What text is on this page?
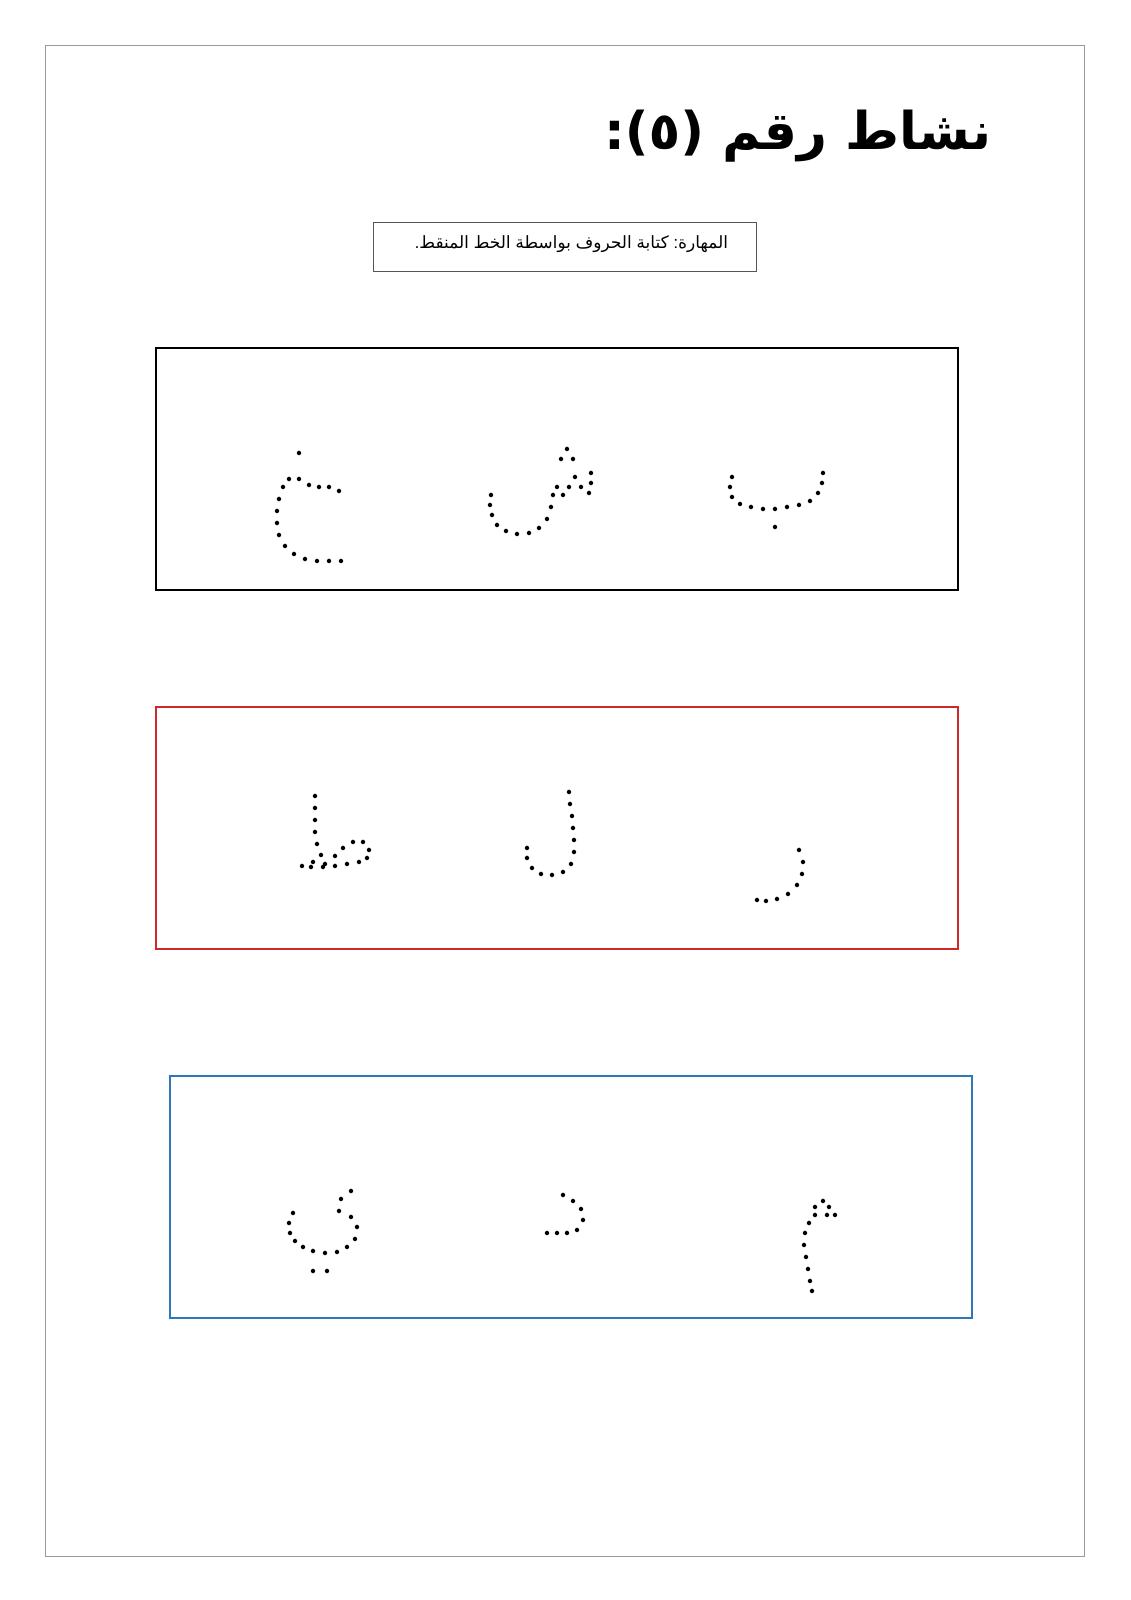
نشاط رقم (٥):
المهارة: كتابة الحروف بواسطة الخط المنقط.
